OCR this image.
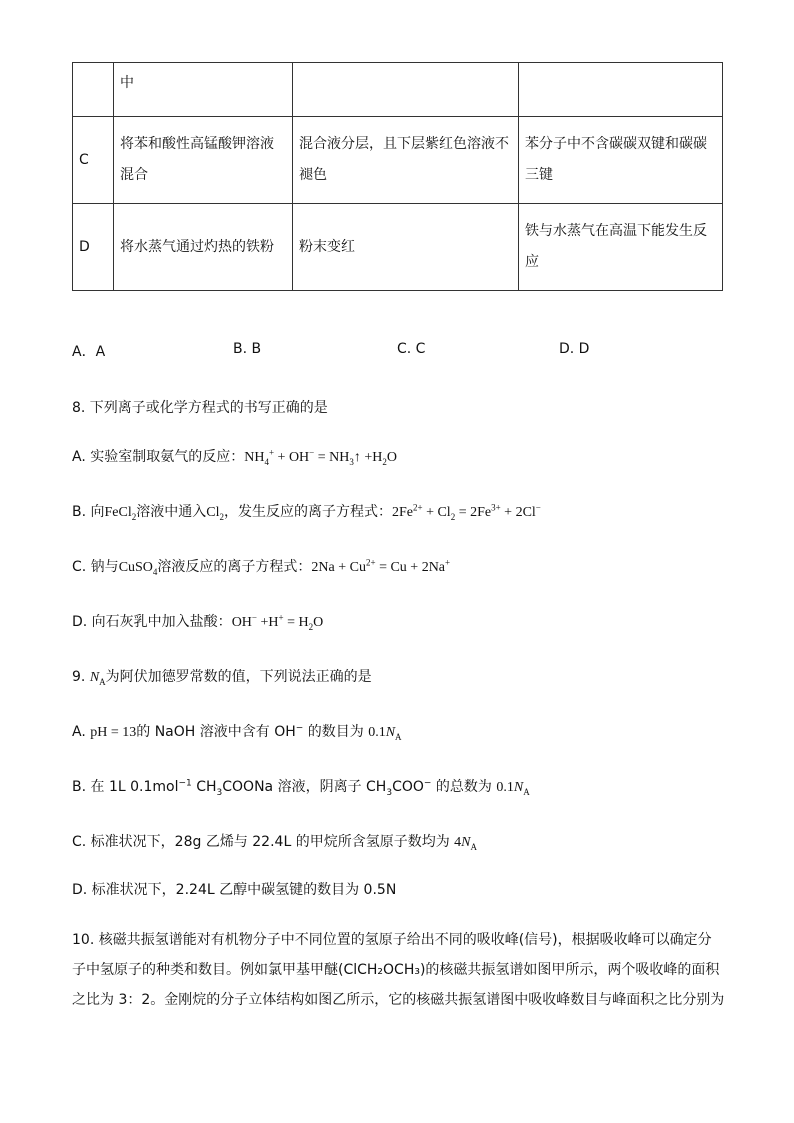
	中		
C	将苯和酸性高锰酸钾溶液混合	混合液分层，且下层紫红色溶液不褪色	苯分子中不含碳碳双键和碳碳三键
D	将水蒸气通过灼热的铁粉	粉末变红	铁与水蒸气在高温下能发生反应
A．A	B. B	C. C	D. D
8. 下列离子或化学方程式的书写正确的是
A. 实验室制取氨气的反应：$NH_4^+ + OH^-$ = $NH_3↑ +H_2O$
B. 向FeCl$_2$溶液中通入$Cl_2$，发生反应的离子方程式：$2Fe^{2+} + Cl_2 = 2Fe^{3+} + 2Cl^-$
C. 钠与CuSO$_4$溶液反应的离子方程式：$2Na + Cu^{2+} = Cu + 2Na^+$
D. 向石灰乳中加入盐酸：$OH^- +H^+ = H_2O$
9. $N_A$为阿伏加德罗常数的值，下列说法正确的是
A. pH = 13的 NaOH 溶液中含有 OH− 的数目为 $0.1N_A$
B. 在 1L 0.1mol$^{-1}$ $CH_3COONa$ 溶液，阴离子 $CH_3COO^-$ 的总数为 $0.1N_A$
C. 标准状况下，28g 乙烯与 22.4L 的甲烷所含氢原子数均为 $4N_A$
D. 标准状况下，2.24L 乙醇中碳氢键的数目为 0.5N
10. 核磁共振氢谱能对有机物分子中不同位置的氢原子给出不同的吸收峰(信号)，根据吸收峰可以确定分
子中氢原子的种类和数目。例如氯甲基甲醚(ClCH₂OCH₃)的核磁共振氢谱如图甲所示，两个吸收峰的面积
之比为 3：2。金刚烷的分子立体结构如图乙所示，它的核磁共振氢谱图中吸收峰数目与峰面积之比分别为
